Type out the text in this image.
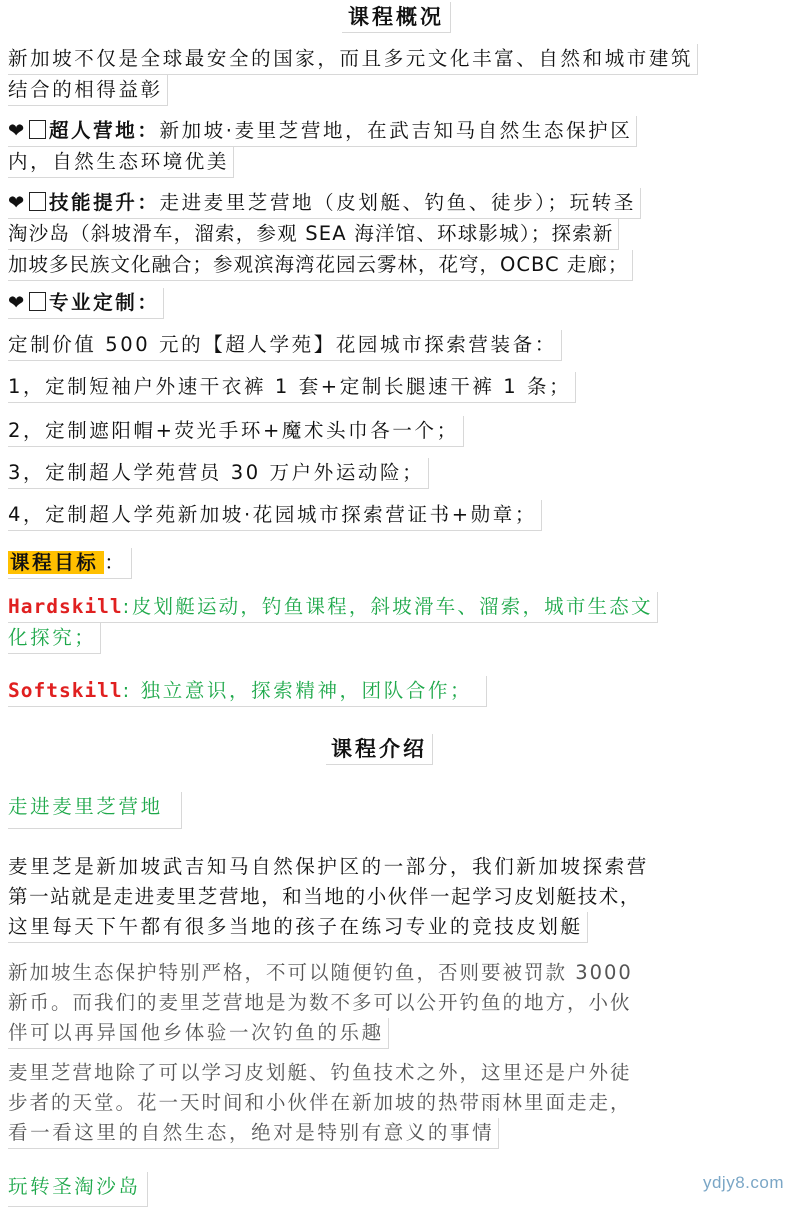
课程概况
新加坡不仅是全球最安全的国家，而且多元文化丰富、自然和城市建筑
结合的相得益彰
❤ 超人营地：新加坡·麦里芝营地，在武吉知马自然生态保护区
内，自然生态环境优美
❤ 技能提升：走进麦里芝营地（皮划艇、钓鱼、徒步）；玩转圣
淘沙岛（斜坡滑车，溜索，参观 SEA 海洋馆、环球影城）；探索新
加坡多民族文化融合；参观滨海湾花园云雾林，花穹，OCBC 走廊；
❤ 专业定制：
定制价值 500 元的【超人学苑】花园城市探索营装备：
1，定制短袖户外速干衣裤 1 套+定制长腿速干裤 1 条；
2，定制遮阳帽+荧光手环+魔术头巾各一个；
3，定制超人学苑营员 30 万户外运动险；
4，定制超人学苑新加坡·花园城市探索营证书+勋章；
课程目标 ：
Hardskill:皮划艇运动，钓鱼课程，斜坡滑车、溜索，城市生态文
化探究；
Softskill: 独立意识，探索精神，团队合作；
课程介绍
走进麦里芝营地
麦里芝是新加坡武吉知马自然保护区的一部分，我们新加坡探索营
第一站就是走进麦里芝营地，和当地的小伙伴一起学习皮划艇技术，
这里每天下午都有很多当地的孩子在练习专业的竞技皮划艇
新加坡生态保护特别严格，不可以随便钓鱼，否则要被罚款 3000
新币。而我们的麦里芝营地是为数不多可以公开钓鱼的地方，小伙
伴可以再异国他乡体验一次钓鱼的乐趣
麦里芝营地除了可以学习皮划艇、钓鱼技术之外，这里还是户外徒
步者的天堂。花一天时间和小伙伴在新加坡的热带雨林里面走走，
看一看这里的自然生态，绝对是特别有意义的事情
玩转圣淘沙岛	ydjy8.com
